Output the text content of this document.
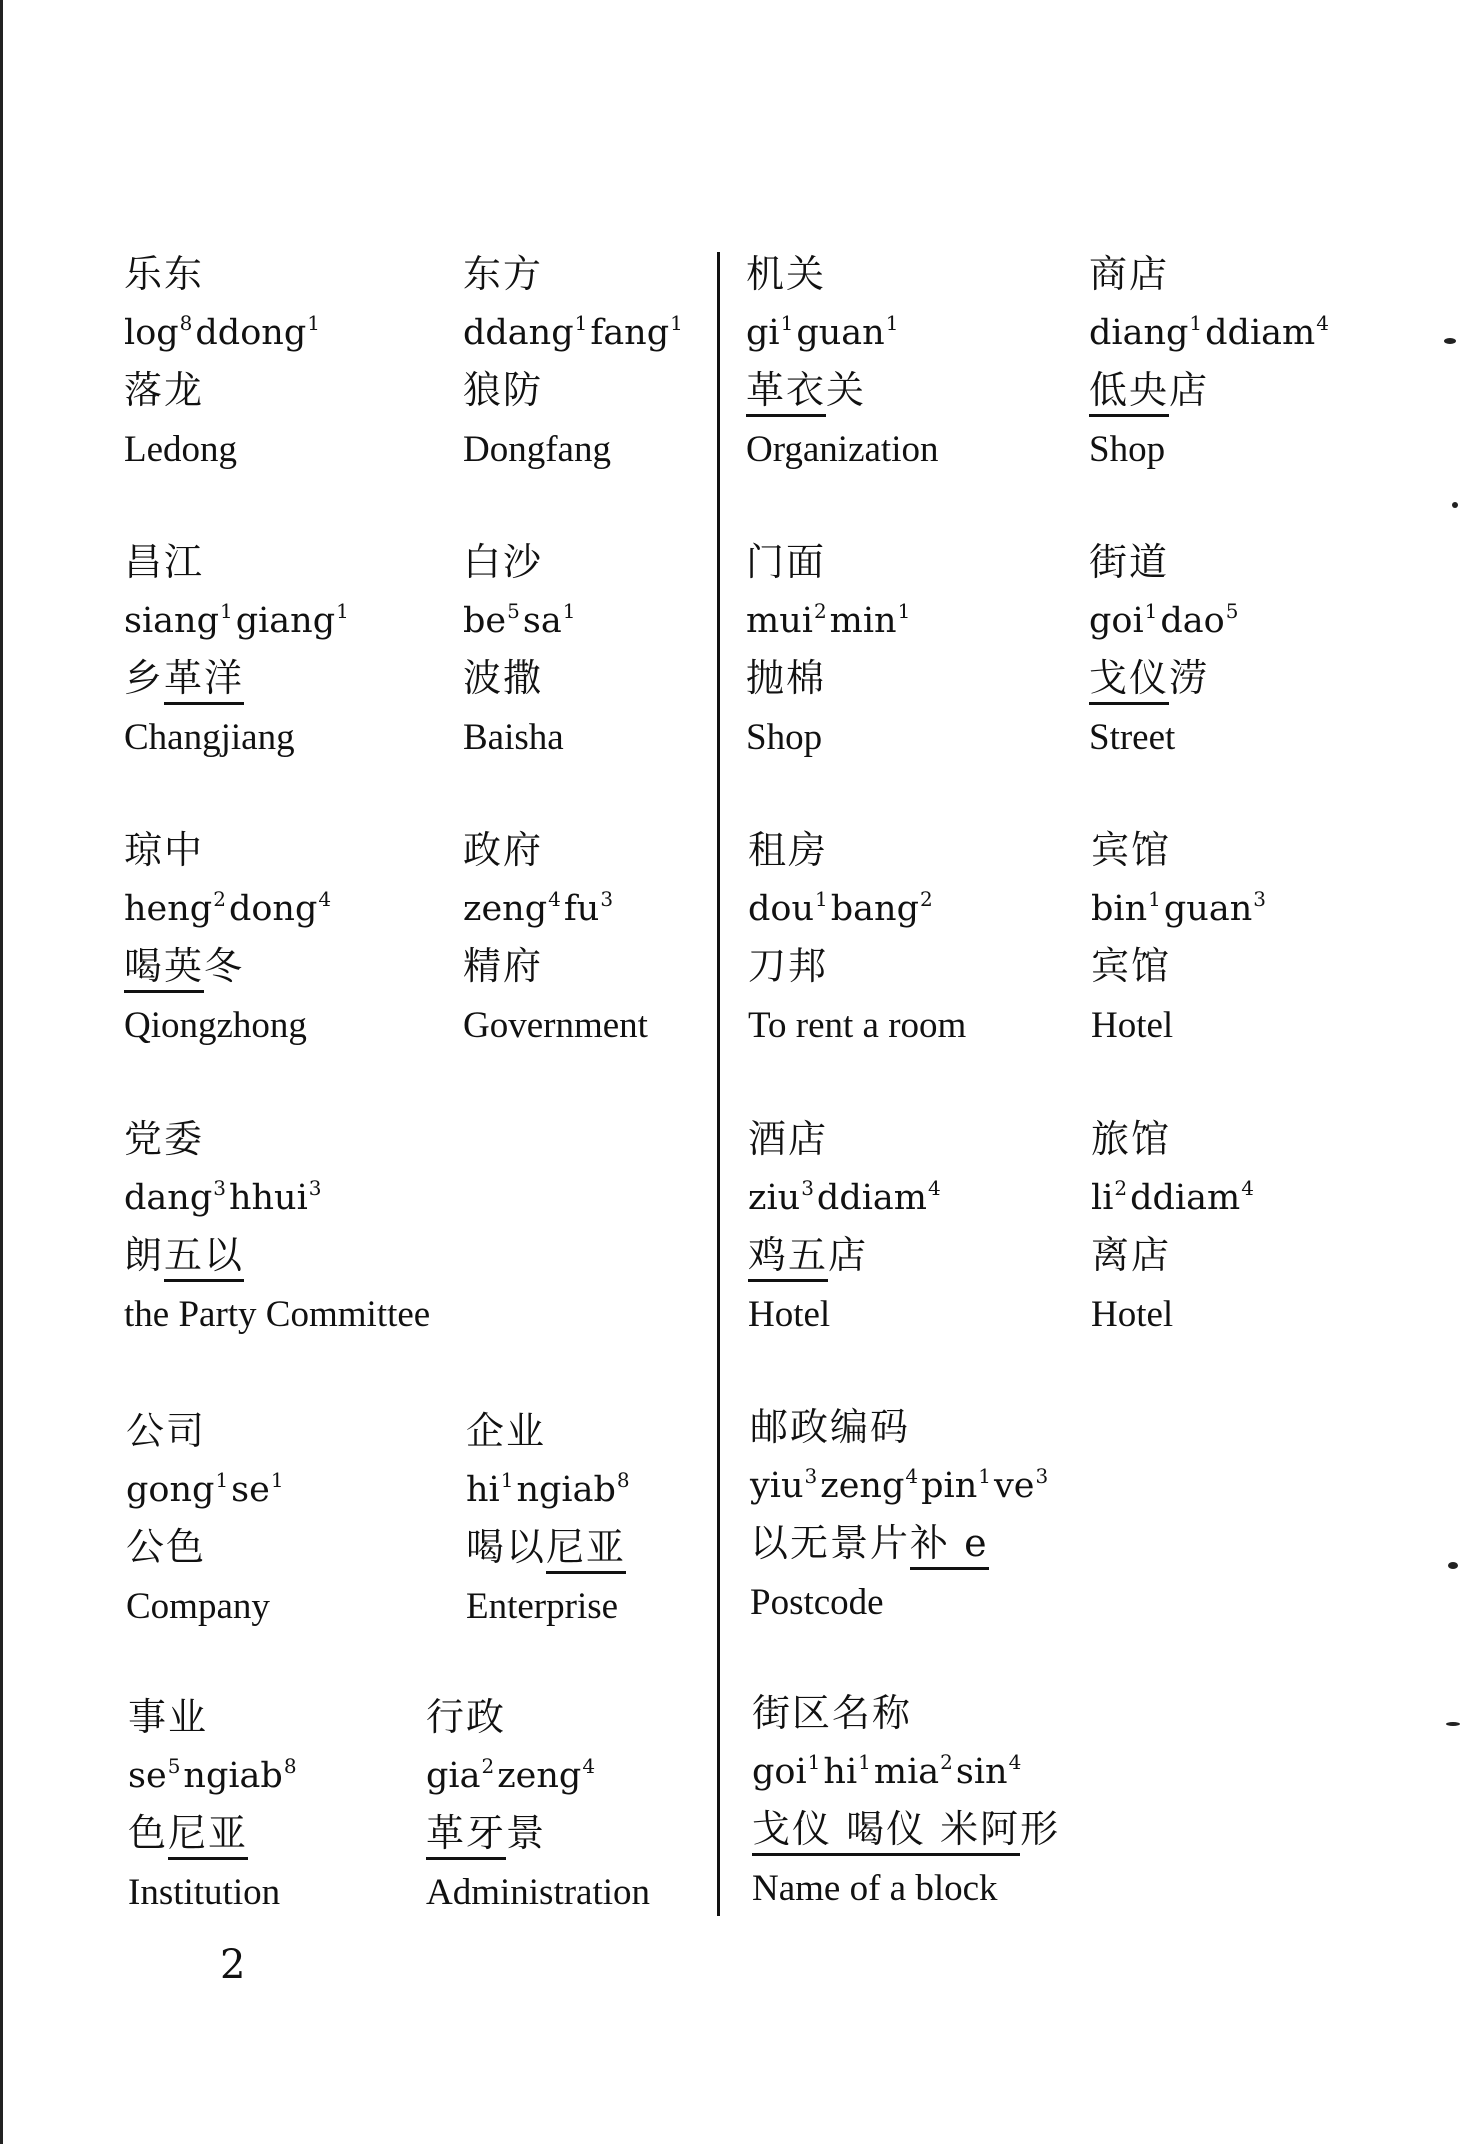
乐东
$\log^8ddong^1$
落龙
Ledong
东方
ddang$^1$fang$^1$
狼防
Dongfang
机关
$gi^1guan^1$
革衣关
Organization
商店
diang$^1$ddiam$^4$
低央店
Shop
昌江
siang$^1$giang$^1$
乡革洋
Changjiang
白沙
$be^5sa^1$
波撒
Baisha
门面
$mui^2\min^1$
抛棉
Shop
街道
goi$^1$dao$^5$
戈仪涝
Street
琼中
heng$^2$dong$^4$
喝英冬
Qiongzhong
政府
$zeng^4fu^3$
精府
Government
租房
dou$^1$bang$^2$
刀邦
To rent a room
宾馆
bin$^1$guan$^3$
宾馆
Hotel
党委
dang$^3$hhui$^3$
朗五以
the Party Committee
酒店
ziu$^3$ddiam$^4$
鸡五店
Hotel
旅馆
$li^2ddiam^4$
离店
Hotel
公司
$gong^1se^1$
公色
Company
企业
$hi^1ngiab^8$
喝以尼亚
Enterprise
邮政编码
$yiu^3zeng^4pin^1ve^3$
以无景片补 e
Postcode
事业
$se^5ngiab^8$
色尼亚
Institution
行政
gia$^2$zeng$^4$
革牙景
Administration
街区名称
$goi^1hi^1mia^2\sin^4$
戈仪 喝仪 米阿形
Name of a block
2
